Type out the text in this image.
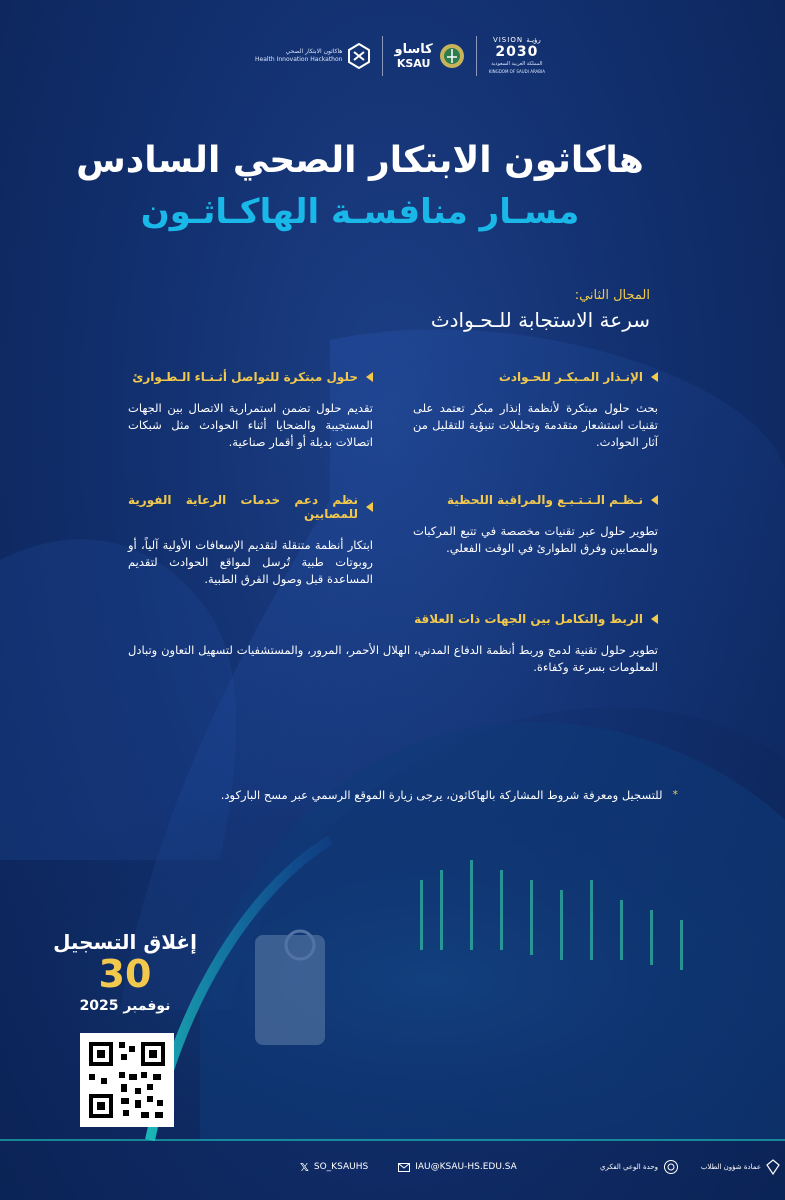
هاكاثون الابتكار الصحي
Health Innovation Hackathon
كاساو
KSAU
VISION رؤيـة
2030
المملكة العربية السعودية
KINGDOM OF SAUDI ARABIA
هاكاثون الابتكار الصحي السادس
مسـار منافسـة الهاكـاثـون
المجال الثاني:
سرعة الاستجابة للـحـوادث
الإنـذار المـبكـر للحـوادث
بحث حلول مبتكرة لأنظمة إنذار مبكر تعتمد على تقنيات استشعار متقدمة وتحليلات تنبؤية للتقليل من آثار الحوادث.
حلول مبتكرة للتواصل أثـنـاء الـطـوارئ
تقديم حلول تضمن استمرارية الاتصال بين الجهات المستجيبة والضحايا أثناء الحوادث مثل شبكات اتصالات بديلة أو أقمار صناعية.
نـظـم الـتـتـبـع والمراقبة اللحظية
تطوير حلول عبر تقنيات مخصصة في تتبع المركبات والمصابين وفرق الطوارئ في الوقت الفعلي.
نظم دعم خدمات الرعاية الفورية للمصابين
ابتكار أنظمة متنقلة لتقديم الإسعافات الأولية آلياً، أو روبوتات طبية تُرسل لمواقع الحوادث لتقديم المساعدة قبل وصول الفرق الطبية.
الربط والتكامل بين الجهات ذات العلاقة
تطوير حلول تقنية لدمج وربط أنظمة الدفاع المدني، الهلال الأحمر، المرور، والمستشفيات لتسهيل التعاون وتبادل المعلومات بسرعة وكفاءة.
*
للتسجيل ومعرفة شروط المشاركة بالهاكاثون، يرجى زيارة الموقع الرسمي عبر مسح الباركود.
إغلاق التسجيل
30
نوفمبر 2025
𝕏 SO_KSAUHS	IAU@KSAU-HS.EDU.SA	عمادة شؤون الطلاب
وحدة الوعي الفكري
